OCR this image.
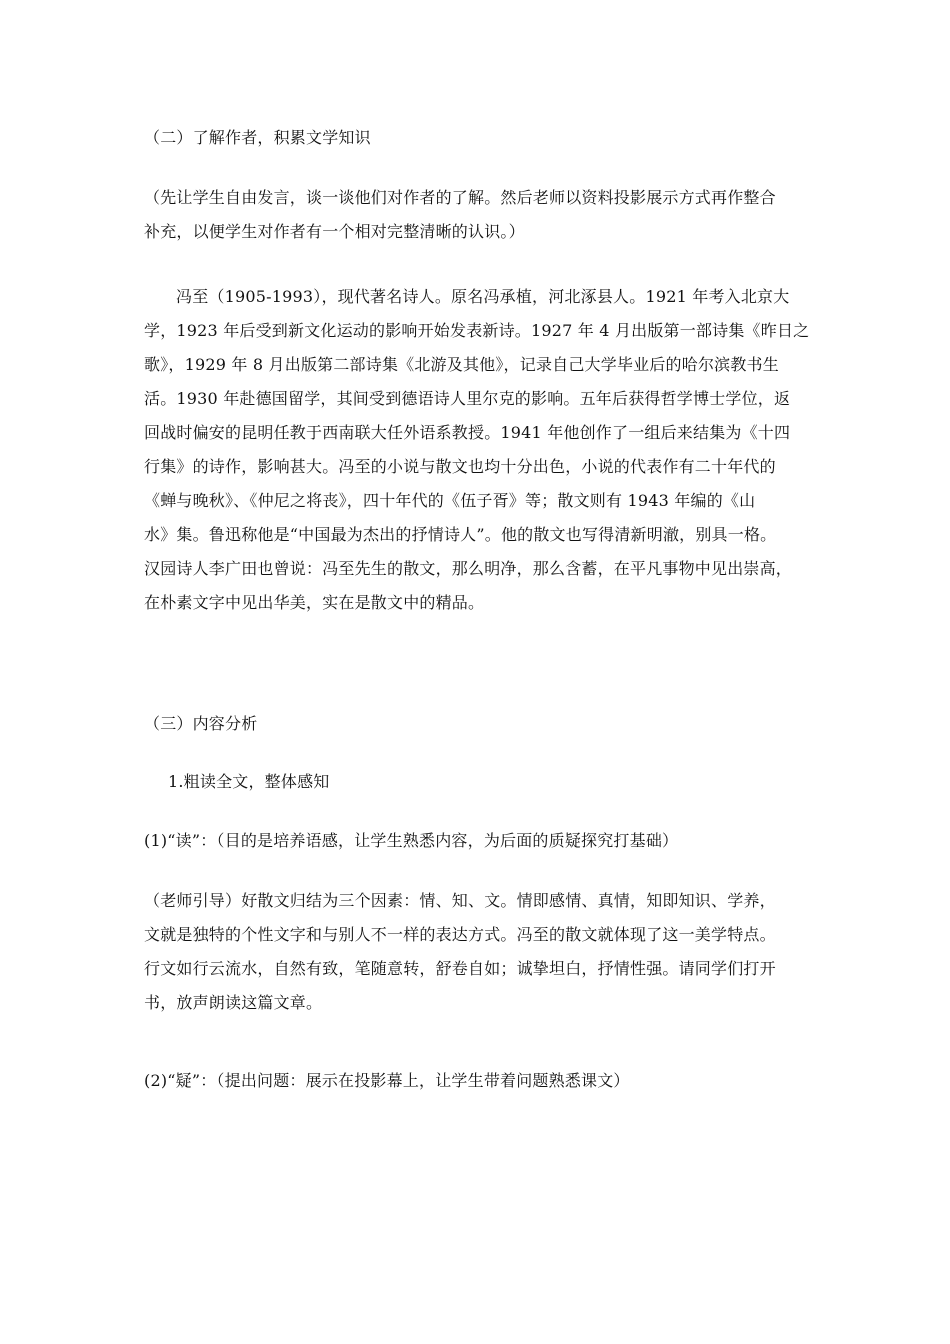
（二）了解作者，积累文学知识
（先让学生自由发言，谈一谈他们对作者的了解。然后老师以资料投影展示方式再作整合
补充，以便学生对作者有一个相对完整清晰的认识。）
冯至（1905-1993），现代著名诗人。原名冯承植，河北涿县人。1921 年考入北京大
学，1923 年后受到新文化运动的影响开始发表新诗。1927 年 4 月出版第一部诗集《昨日之
歌》，1929 年 8 月出版第二部诗集《北游及其他》，记录自己大学毕业后的哈尔滨教书生
活。1930 年赴德国留学，其间受到德语诗人里尔克的影响。五年后获得哲学博士学位，返
回战时偏安的昆明任教于西南联大任外语系教授。1941 年他创作了一组后来结集为《十四
行集》的诗作，影响甚大。冯至的小说与散文也均十分出色，小说的代表作有二十年代的
《蝉与晚秋》、《仲尼之将丧》，四十年代的《伍子胥》等；散文则有 1943 年编的《山
水》集。鲁迅称他是“中国最为杰出的抒情诗人”。他的散文也写得清新明澈，别具一格。
汉园诗人李广田也曾说：冯至先生的散文，那么明净，那么含蓄，在平凡事物中见出崇高，
在朴素文字中见出华美，实在是散文中的精品。
（三）内容分析
1.粗读全文，整体感知
(1)“读”：（目的是培养语感，让学生熟悉内容，为后面的质疑探究打基础）
（老师引导）好散文归结为三个因素：情、知、文。情即感情、真情，知即知识、学养，
文就是独特的个性文字和与别人不一样的表达方式。冯至的散文就体现了这一美学特点。
行文如行云流水，自然有致，笔随意转，舒卷自如；诚挚坦白，抒情性强。请同学们打开
书，放声朗读这篇文章。
(2)“疑”：（提出问题：展示在投影幕上，让学生带着问题熟悉课文）
